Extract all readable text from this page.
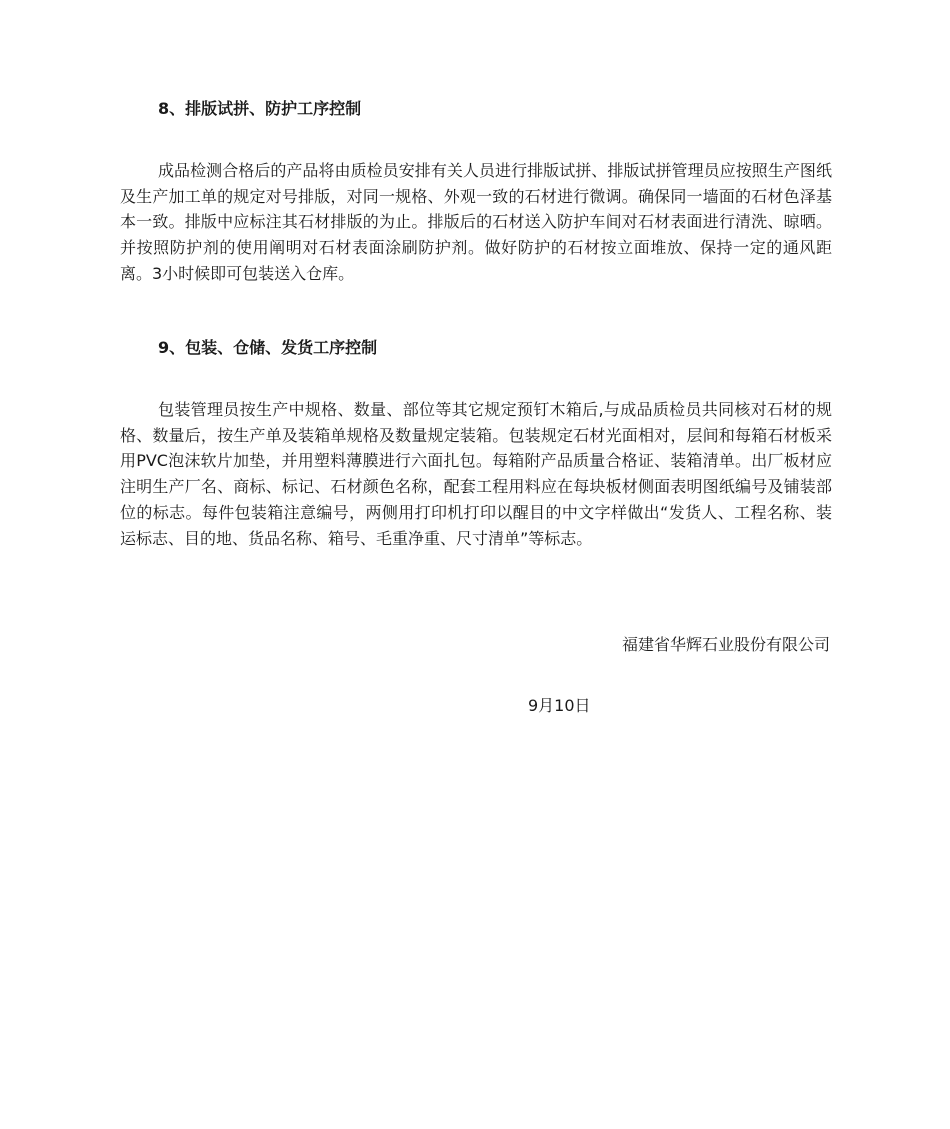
8、排版试拼、防护工序控制
成品检测合格后的产品将由质检员安排有关人员进行排版试拼、排版试拼管理员应按照生产图纸及生产加工单的规定对号排版，对同一规格、外观一致的石材进行微调。确保同一墙面的石材色泽基本一致。排版中应标注其石材排版的为止。排版后的石材送入防护车间对石材表面进行清洗、晾晒。并按照防护剂的使用阐明对石材表面涂刷防护剂。做好防护的石材按立面堆放、保持一定的通风距离。3小时候即可包装送入仓库。
9、包装、仓储、发货工序控制
包装管理员按生产中规格、数量、部位等其它规定预钉木箱后,与成品质检员共同核对石材的规格、数量后，按生产单及装箱单规格及数量规定装箱。包装规定石材光面相对，层间和每箱石材板采用PVC泡沫软片加垫，并用塑料薄膜进行六面扎包。每箱附产品质量合格证、装箱清单。出厂板材应注明生产厂名、商标、标记、石材颜色名称，配套工程用料应在每块板材侧面表明图纸编号及铺装部位的标志。每件包装箱注意编号，两侧用打印机打印以醒目的中文字样做出“发货人、工程名称、装运标志、目的地、货品名称、箱号、毛重净重、尺寸清单”等标志。
福建省华辉石业股份有限公司
9月10日
